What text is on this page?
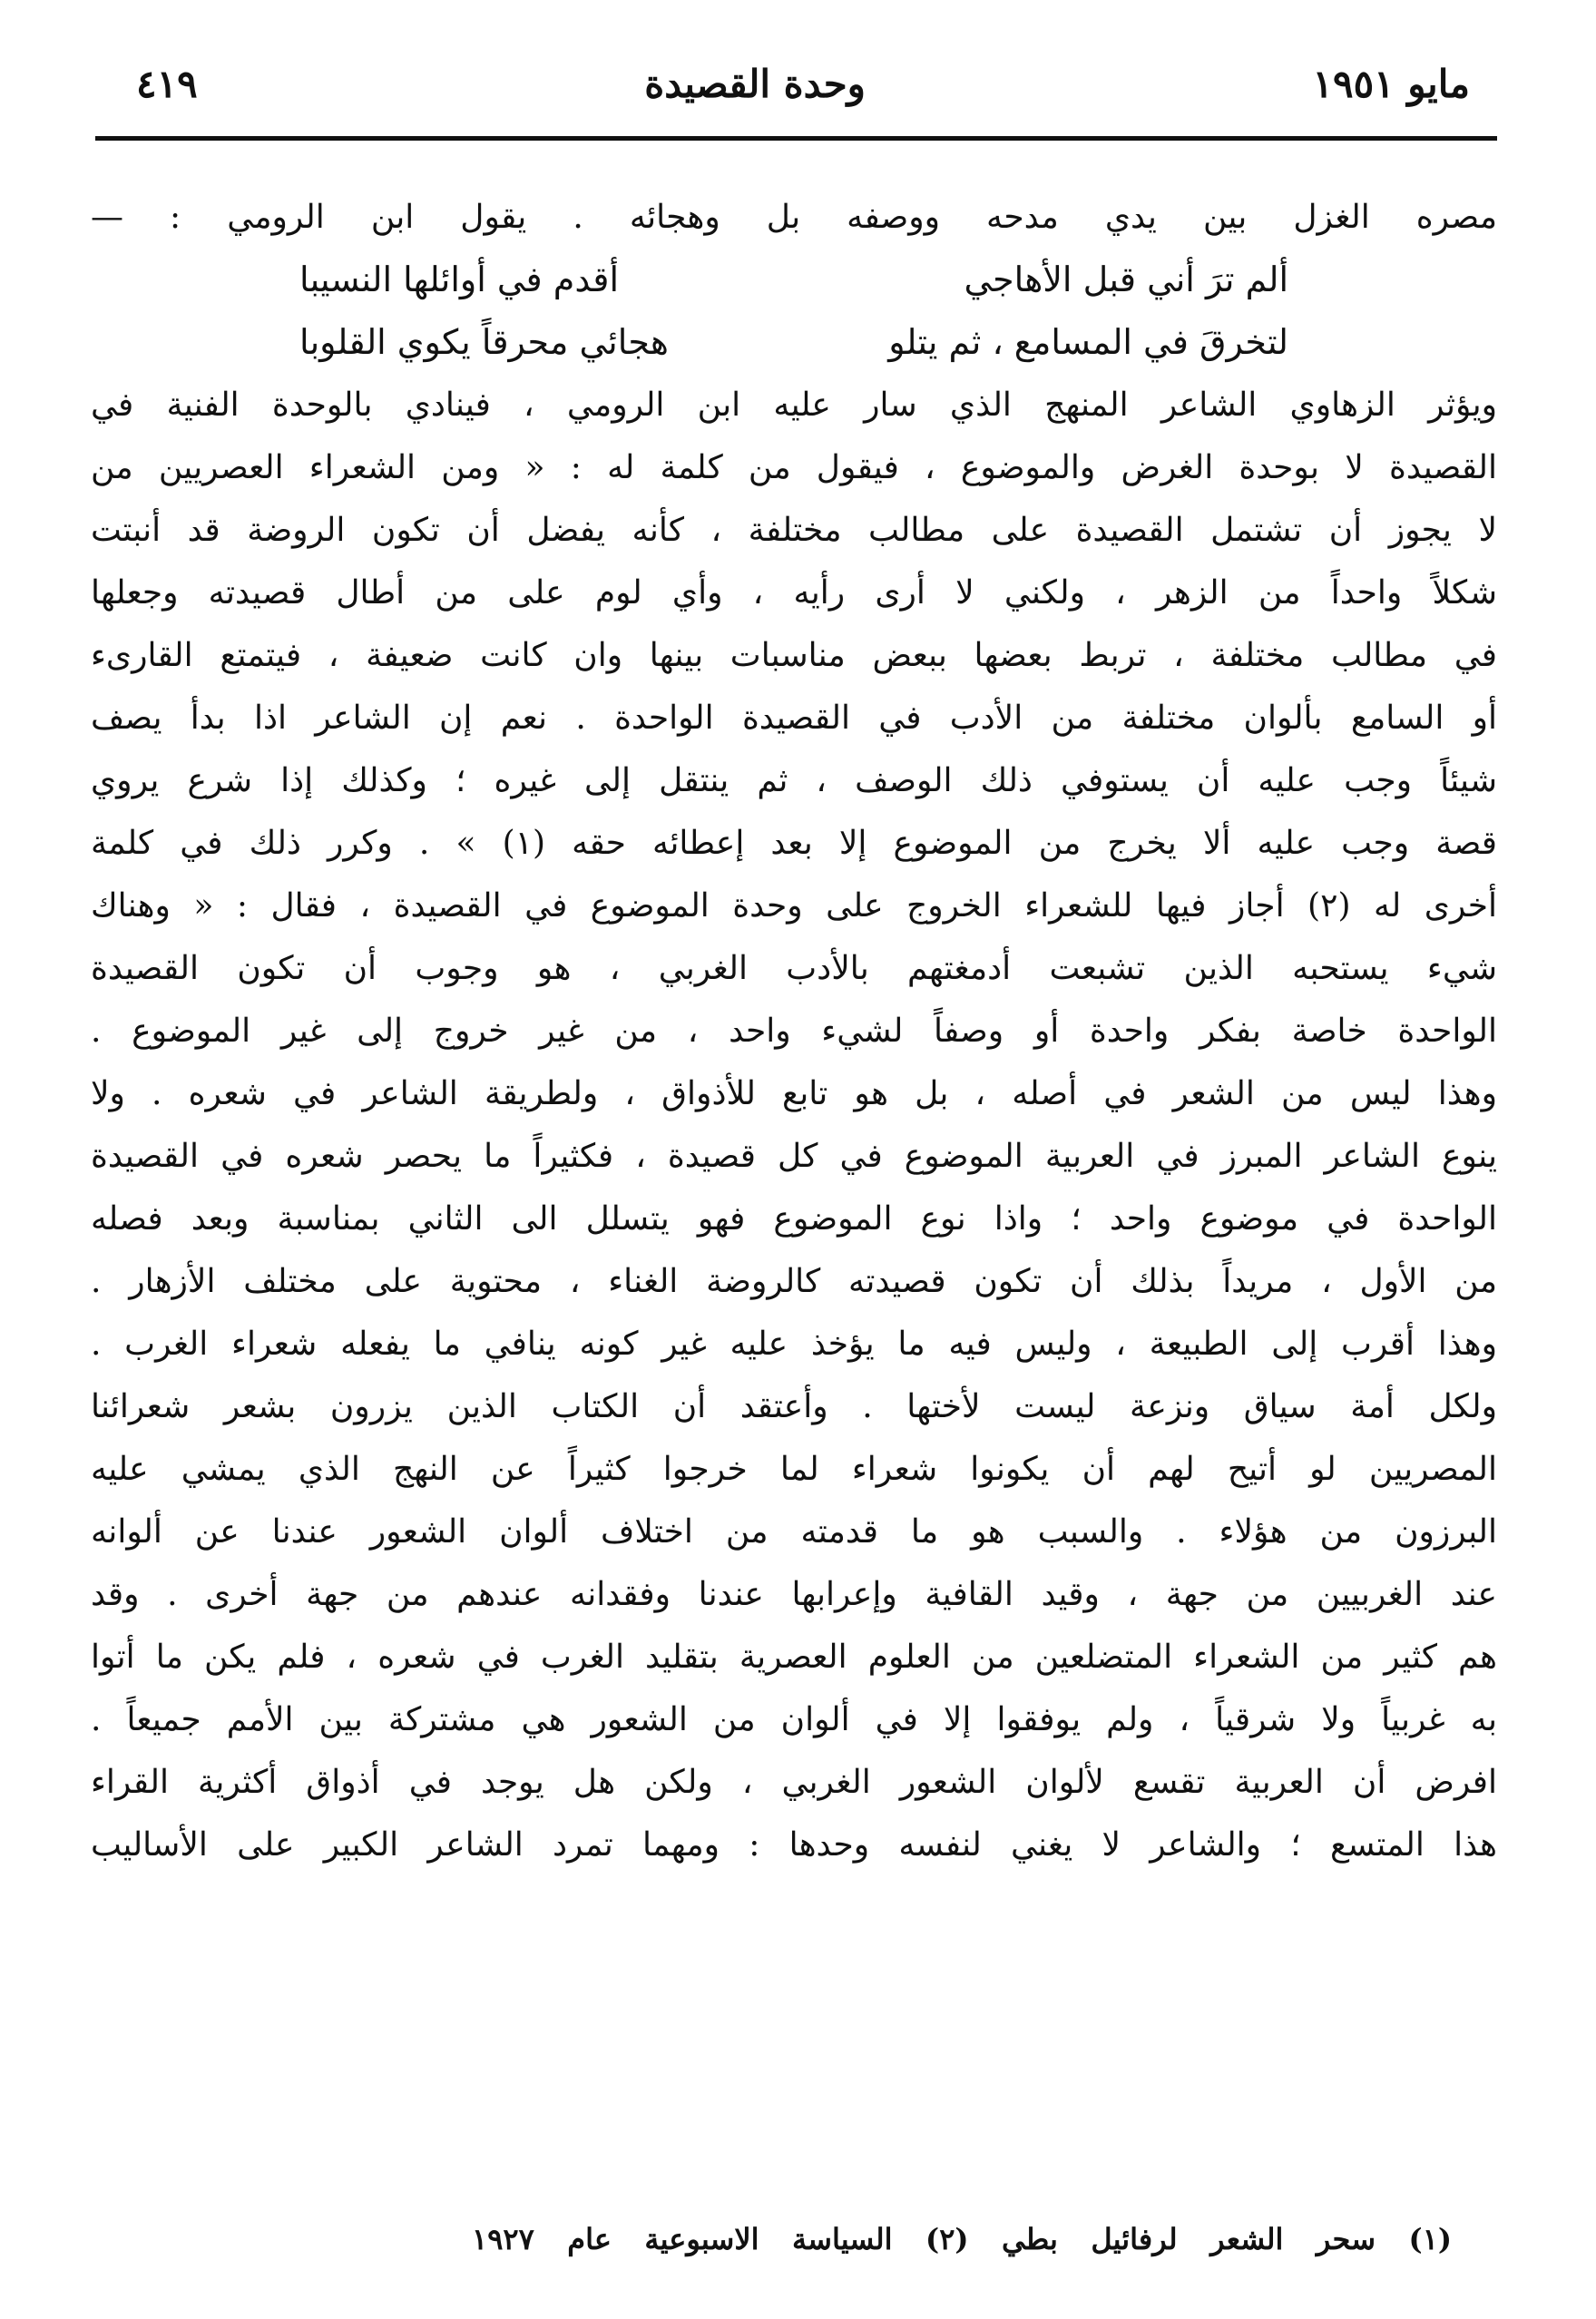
مايو ١٩٥١
وحدة القصيدة
٤١٩
مصره الغزل بين يدي مدحه ووصفه بل وهجائه . يقول ابن الرومي : —
ألم ترَ أني قبل الأهاجي
أقدم في أوائلها النسيبا
لتخرقَ في المسامع ، ثم يتلو
هجائي محرقاً يكوي القلوبا
ويؤثر الزهاوي الشاعر المنهج الذي سار عليه ابن الرومي ، فينادي بالوحدة الفنية في
القصيدة لا بوحدة الغرض والموضوع ، فيقول من كلمة له : « ومن الشعراء العصريين من
لا يجوز أن تشتمل القصيدة على مطالب مختلفة ، كأنه يفضل أن تكون الروضة قد أنبتت
شكلاً واحداً من الزهر ، ولكني لا أرى رأيه ، وأي لوم على من أطال قصيدته وجعلها
في مطالب مختلفة ، تربط بعضها ببعض مناسبات بينها وان كانت ضعيفة ، فيتمتع القارىء
أو السامع بألوان مختلفة من الأدب في القصيدة الواحدة . نعم إن الشاعر اذا بدأ يصف
شيئاً وجب عليه أن يستوفي ذلك الوصف ، ثم ينتقل إلى غيره ؛ وكذلك إذا شرع يروي
قصة وجب عليه ألا يخرج من الموضوع إلا بعد إعطائه حقه (١) » . وكرر ذلك في كلمة
أخرى له (٢) أجاز فيها للشعراء الخروج على وحدة الموضوع في القصيدة ، فقال : « وهناك
شيء يستحبه الذين تشبعت أدمغتهم بالأدب الغربي ، هو وجوب أن تكون القصيدة
الواحدة خاصة بفكر واحدة أو وصفاً لشيء واحد ، من غير خروج إلى غير الموضوع .
وهذا ليس من الشعر في أصله ، بل هو تابع للأذواق ، ولطريقة الشاعر في شعره . ولا
ينوع الشاعر المبرز في العربية الموضوع في كل قصيدة ، فكثيراً ما يحصر شعره في القصيدة
الواحدة في موضوع واحد ؛ واذا نوع الموضوع فهو يتسلل الى الثاني بمناسبة وبعد فصله
من الأول ، مريداً بذلك أن تكون قصيدته كالروضة الغناء ، محتوية على مختلف الأزهار .
وهذا أقرب إلى الطبيعة ، وليس فيه ما يؤخذ عليه غير كونه ينافي ما يفعله شعراء الغرب .
ولكل أمة سياق ونزعة ليست لأختها . وأعتقد أن الكتاب الذين يزرون بشعر شعرائنا
المصريين لو أتيح لهم أن يكونوا شعراء لما خرجوا كثيراً عن النهج الذي يمشي عليه
البرزون من هؤلاء . والسبب هو ما قدمته من اختلاف ألوان الشعور عندنا عن ألوانه
عند الغربيين من جهة ، وقيد القافية وإعرابها عندنا وفقدانه عندهم من جهة أخرى . وقد
هم كثير من الشعراء المتضلعين من العلوم العصرية بتقليد الغرب في شعره ، فلم يكن ما أتوا
به غربياً ولا شرقياً ، ولم يوفقوا إلا في ألوان من الشعور هي مشتركة بين الأمم جميعاً .
افرض أن العربية تقسع لألوان الشعور الغربي ، ولكن هل يوجد في أذواق أكثرية القراء
هذا المتسع ؛ والشاعر لا يغني لنفسه وحدها : ومهما تمرد الشاعر الكبير على الأساليب
(١) سحر الشعر لرفائيل بطي (٢) السياسة الاسبوعية عام ١٩٢٧
